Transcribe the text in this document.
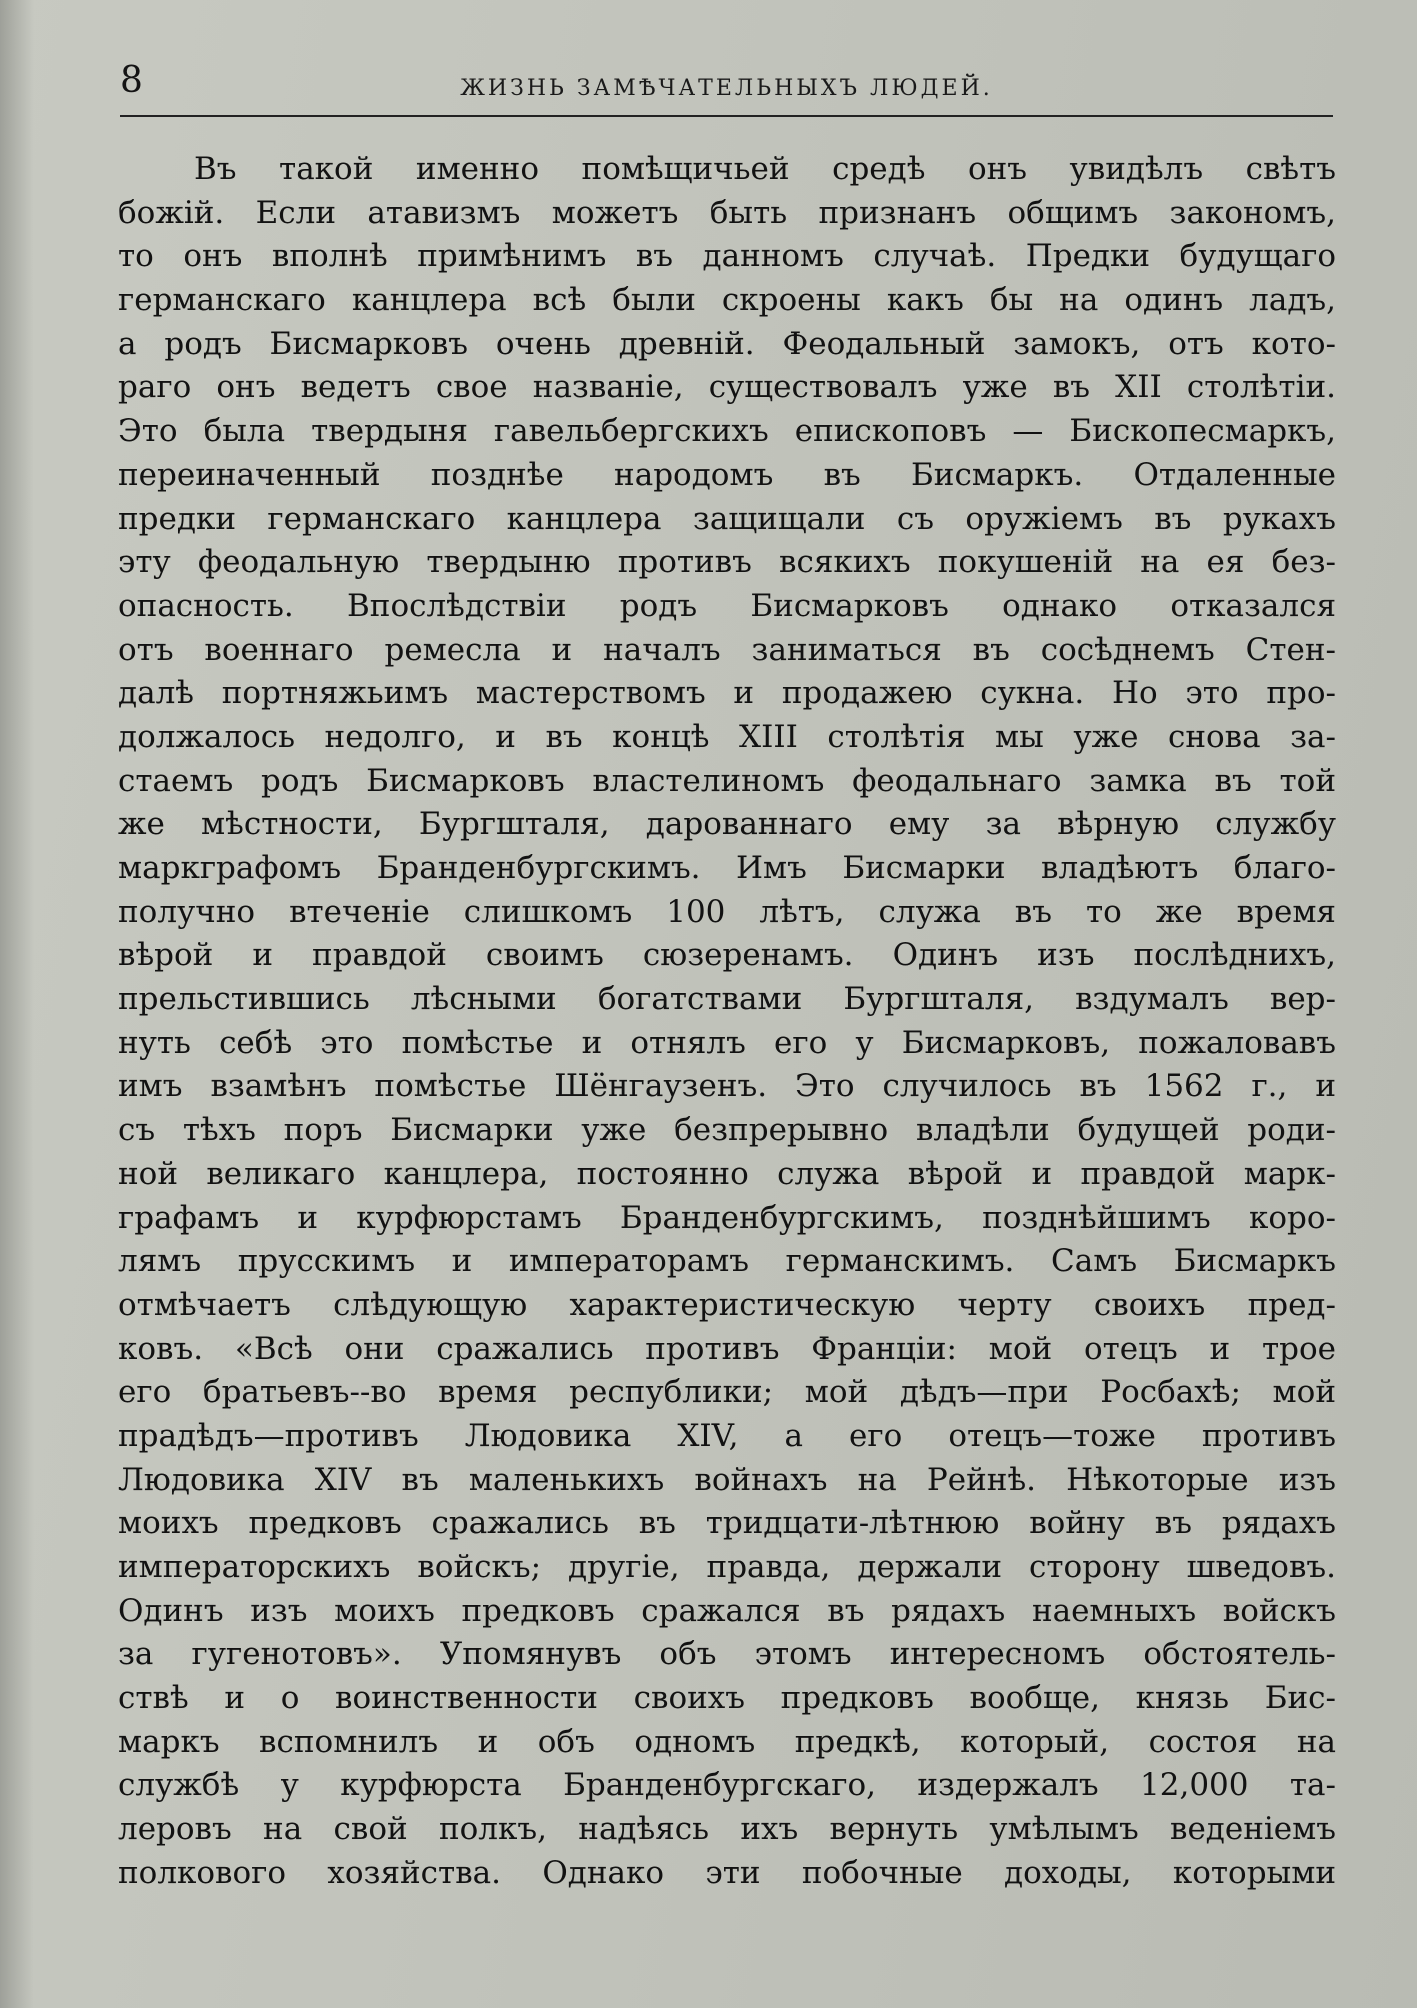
8	ЖИЗНЬ ЗАМѢЧАТЕЛЬНЫХЪ ЛЮДЕЙ.
Въ такой именно помѣщичьей средѣ онъ увидѣлъ свѣтъ
божій. Если атавизмъ можетъ быть признанъ общимъ закономъ,
то онъ вполнѣ примѣнимъ въ данномъ случаѣ. Предки будущаго
германскаго канцлера всѣ были скроены какъ бы на одинъ ладъ,
а родъ Бисмарковъ очень древній. Феодальный замокъ, отъ кото-
раго онъ ведетъ свое названіе, существовалъ уже въ XII столѣтіи.
Это была твердыня гавельбергскихъ епископовъ — Бископесмаркъ,
переиначенный позднѣе народомъ въ Бисмаркъ. Отдаленные
предки германскаго канцлера защищали съ оружіемъ въ рукахъ
эту феодальную твердыню противъ всякихъ покушеній на ея без-
опасность. Впослѣдствіи родъ Бисмарковъ однако отказался
отъ военнаго ремесла и началъ заниматься въ сосѣднемъ Стен-
далѣ портняжьимъ мастерствомъ и продажею сукна. Но это про-
должалось недолго, и въ концѣ XIII столѣтія мы уже снова за-
стаемъ родъ Бисмарковъ властелиномъ феодальнаго замка въ той
же мѣстности, Бургшталя, дарованнаго ему за вѣрную службу
маркграфомъ Бранденбургскимъ. Имъ Бисмарки владѣютъ благо-
получно втеченіе слишкомъ 100 лѣтъ, служа въ то же время
вѣрой и правдой своимъ сюзеренамъ. Одинъ изъ послѣднихъ,
прельстившись лѣсными богатствами Бургшталя, вздумалъ вер-
нуть себѣ это помѣстье и отнялъ его у Бисмарковъ, пожаловавъ
имъ взамѣнъ помѣстье Шёнгаузенъ. Это случилось въ 1562 г., и
съ тѣхъ поръ Бисмарки уже безпрерывно владѣли будущей роди-
ной великаго канцлера, постоянно служа вѣрой и правдой марк-
графамъ и курфюрстамъ Бранденбургскимъ, позднѣйшимъ коро-
лямъ прусскимъ и императорамъ германскимъ. Самъ Бисмаркъ
отмѣчаетъ слѣдующую характеристическую черту своихъ пред-
ковъ. «Всѣ они сражались противъ Франціи: мой отецъ и трое
его братьевъ--во время республики; мой дѣдъ—при Росбахѣ; мой
прадѣдъ—противъ Людовика XIV, а его отецъ—тоже противъ
Людовика XIV въ маленькихъ войнахъ на Рейнѣ. Нѣкоторые изъ
моихъ предковъ сражались въ тридцати-лѣтнюю войну въ рядахъ
императорскихъ войскъ; другіе, правда, держали сторону шведовъ.
Одинъ изъ моихъ предковъ сражался въ рядахъ наемныхъ войскъ
за гугенотовъ». Упомянувъ объ этомъ интересномъ обстоятель-
ствѣ и о воинственности своихъ предковъ вообще, князь Бис-
маркъ вспомнилъ и объ одномъ предкѣ, который, состоя на
службѣ у курфюрста Бранденбургскаго, издержалъ 12,000 та-
леровъ на свой полкъ, надѣясь ихъ вернуть умѣлымъ веденіемъ
полкового хозяйства. Однако эти побочные доходы, которыми
